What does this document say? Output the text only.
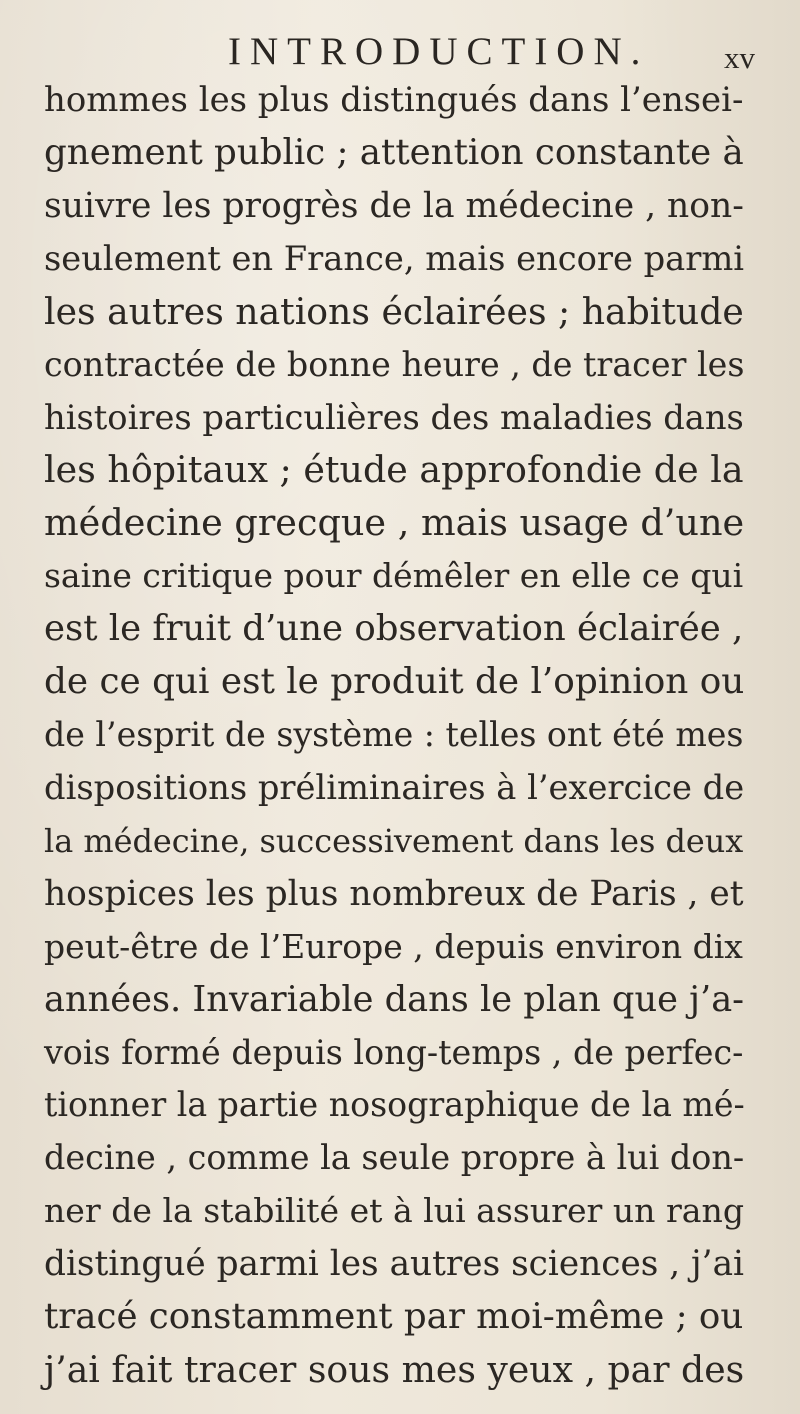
INTRODUCTION. xv
hommes les plus distingués dans l’ensei-
gnement public ; attention constante à
suivre les progrès de la médecine , non-
seulement en France, mais encore parmi
les autres nations éclairées ; habitude
contractée de bonne heure , de tracer les
histoires particulières des maladies dans
les hôpitaux ; étude approfondie de la
médecine grecque , mais usage d’une
saine critique pour démêler en elle ce qui
est le fruit d’une observation éclairée ,
de ce qui est le produit de l’opinion ou
de l’esprit de système : telles ont été mes
dispositions préliminaires à l’exercice de
la médecine, successivement dans les deux
hospices les plus nombreux de Paris , et
peut-être de l’Europe , depuis environ dix
années. Invariable dans le plan que j’a-
vois formé depuis long-temps , de perfec-
tionner la partie nosographique de la mé-
decine , comme la seule propre à lui don-
ner de la stabilité et à lui assurer un rang
distingué parmi les autres sciences , j’ai
tracé constamment par moi-même ; ou
j’ai fait tracer sous mes yeux , par des
